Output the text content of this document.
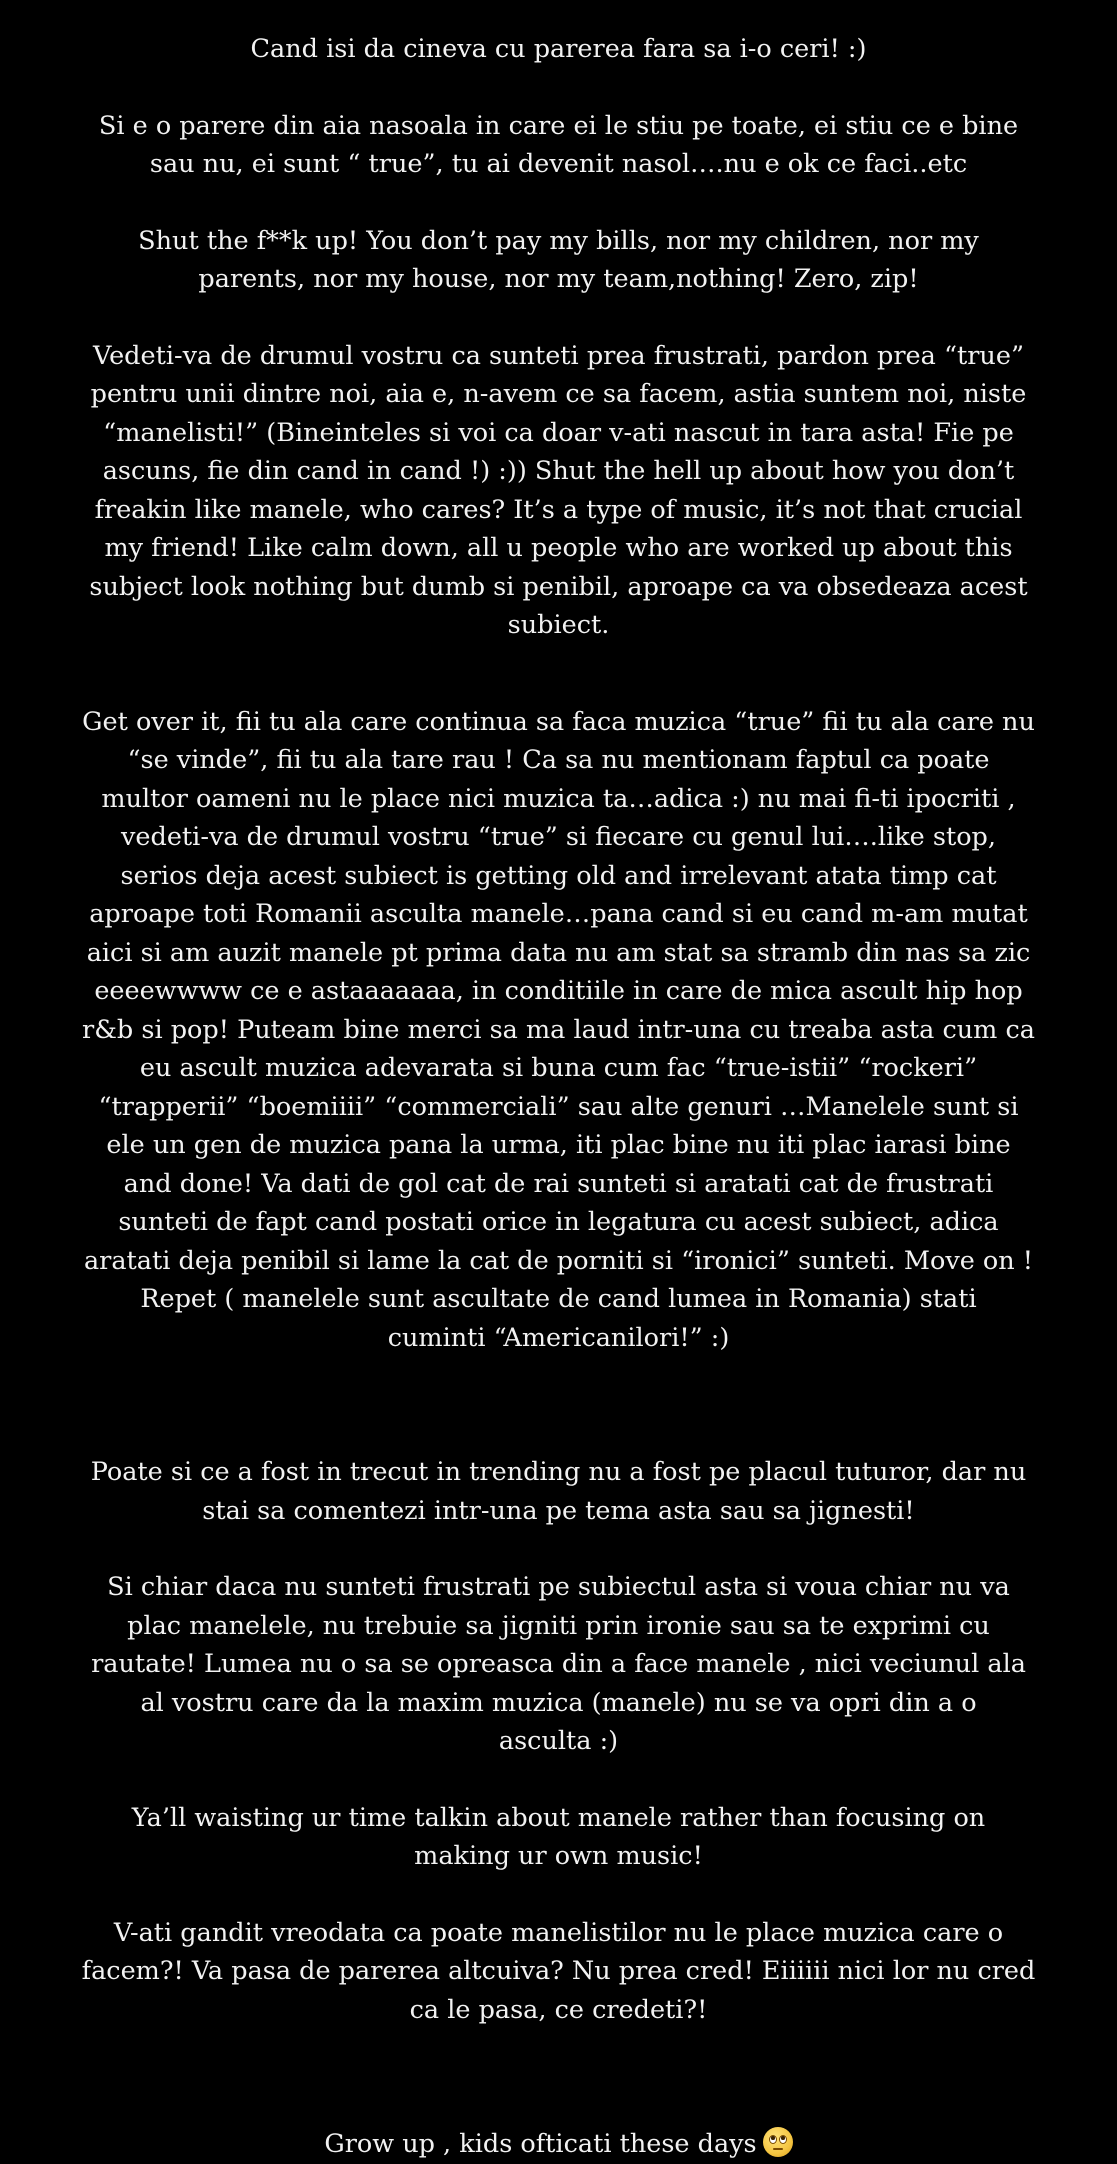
Cand isi da cineva cu parerea fara sa i-o ceri! :)

Si e o parere din aia nasoala in care ei le stiu pe toate, ei stiu ce e bine
sau nu, ei sunt “ true”, tu ai devenit nasol….nu e ok ce faci..etc

Shut the f**k up! You don’t pay my bills, nor my children, nor my
parents, nor my house, nor my team,nothing! Zero, zip!

Vedeti-va de drumul vostru ca sunteti prea frustrati, pardon prea “true”
pentru unii dintre noi, aia e, n-avem ce sa facem, astia suntem noi, niste
“manelisti!” (Bineinteles si voi ca doar v-ati nascut in tara asta! Fie pe
ascuns, fie din cand in cand !) :)) Shut the hell up about how you don’t
freakin like manele, who cares? It’s a type of music, it’s not that crucial
my friend! Like calm down, all u people who are worked up about this
subject look nothing but dumb si penibil, aproape ca va obsedeaza acest
subiect.

Get over it, fii tu ala care continua sa faca muzica “true” fii tu ala care nu
“se vinde”, fii tu ala tare rau ! Ca sa nu mentionam faptul ca poate
multor oameni nu le place nici muzica ta…adica :) nu mai fi-ti ipocriti ,
vedeti-va de drumul vostru “true” si fiecare cu genul lui….like stop,
serios deja acest subiect is getting old and irrelevant atata timp cat
aproape toti Romanii asculta manele…pana cand si eu cand m-am mutat
aici si am auzit manele pt prima data nu am stat sa stramb din nas sa zic
eeeewwww ce e astaaaaaaa, in conditiile in care de mica ascult hip hop
r&b si pop! Puteam bine merci sa ma laud intr-una cu treaba asta cum ca
eu ascult muzica adevarata si buna cum fac “true-istii” “rockeri”
“trapperii” “boemiiii” “commerciali” sau alte genuri …Manelele sunt si
ele un gen de muzica pana la urma, iti plac bine nu iti plac iarasi bine
and done! Va dati de gol cat de rai sunteti si aratati cat de frustrati
sunteti de fapt cand postati orice in legatura cu acest subiect, adica
aratati deja penibil si lame la cat de porniti si “ironici” sunteti. Move on !
Repet ( manelele sunt ascultate de cand lumea in Romania) stati
cuminti “Americanilori!” :)

Poate si ce a fost in trecut in trending nu a fost pe placul tuturor, dar nu
stai sa comentezi intr-una pe tema asta sau sa jignesti!

Si chiar daca nu sunteti frustrati pe subiectul asta si voua chiar nu va
plac manelele, nu trebuie sa jigniti prin ironie sau sa te exprimi cu
rautate! Lumea nu o sa se opreasca din a face manele , nici veciunul ala
al vostru care da la maxim muzica (manele) nu se va opri din a o
asculta :)

Ya’ll waisting ur time talkin about manele rather than focusing on
making ur own music!

V-ati gandit vreodata ca poate manelistilor nu le place muzica care o
facem?! Va pasa de parerea altcuiva? Nu prea cred! Eiiiiii nici lor nu cred
ca le pasa, ce credeti?!

Grow up , kids ofticati these days
